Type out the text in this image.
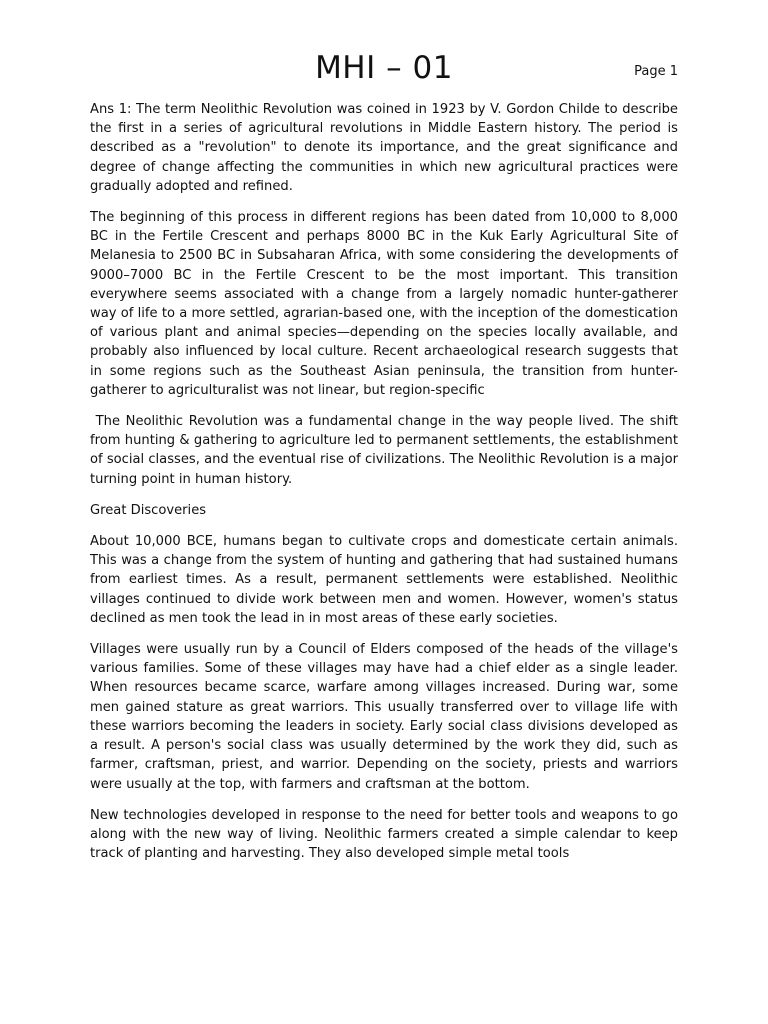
MHI – 01	Page 1

Ans 1: The term Neolithic Revolution was coined in 1923 by V. Gordon Childe to describe the first in a series of agricultural revolutions in Middle Eastern history. The period is described as a "revolution" to denote its importance, and the great significance and degree of change affecting the communities in which new agricultural practices were gradually adopted and refined.

The beginning of this process in different regions has been dated from 10,000 to 8,000 BC in the Fertile Crescent and perhaps 8000 BC in the Kuk Early Agricultural Site of Melanesia to 2500 BC in Subsaharan Africa, with some considering the developments of 9000–7000 BC in the Fertile Crescent to be the most important. This transition everywhere seems associated with a change from a largely nomadic hunter-gatherer way of life to a more settled, agrarian-based one, with the inception of the domestication of various plant and animal species—depending on the species locally available, and probably also influenced by local culture. Recent archaeological research suggests that in some regions such as the Southeast Asian peninsula, the transition from hunter-gatherer to agriculturalist was not linear, but region-specific

The Neolithic Revolution was a fundamental change in the way people lived. The shift from hunting & gathering to agriculture led to permanent settlements, the establishment of social classes, and the eventual rise of civilizations. The Neolithic Revolution is a major turning point in human history.

Great Discoveries

About 10,000 BCE, humans began to cultivate crops and domesticate certain animals. This was a change from the system of hunting and gathering that had sustained humans from earliest times. As a result, permanent settlements were established. Neolithic villages continued to divide work between men and women. However, women's status declined as men took the lead in in most areas of these early societies.

Villages were usually run by a Council of Elders composed of the heads of the village's various families. Some of these villages may have had a chief elder as a single leader. When resources became scarce, warfare among villages increased. During war, some men gained stature as great warriors. This usually transferred over to village life with these warriors becoming the leaders in society. Early social class divisions developed as a result. A person's social class was usually determined by the work they did, such as farmer, craftsman, priest, and warrior. Depending on the society, priests and warriors were usually at the top, with farmers and craftsman at the bottom.

New technologies developed in response to the need for better tools and weapons to go along with the new way of living. Neolithic farmers created a simple calendar to keep track of planting and harvesting. They also developed simple metal tools
